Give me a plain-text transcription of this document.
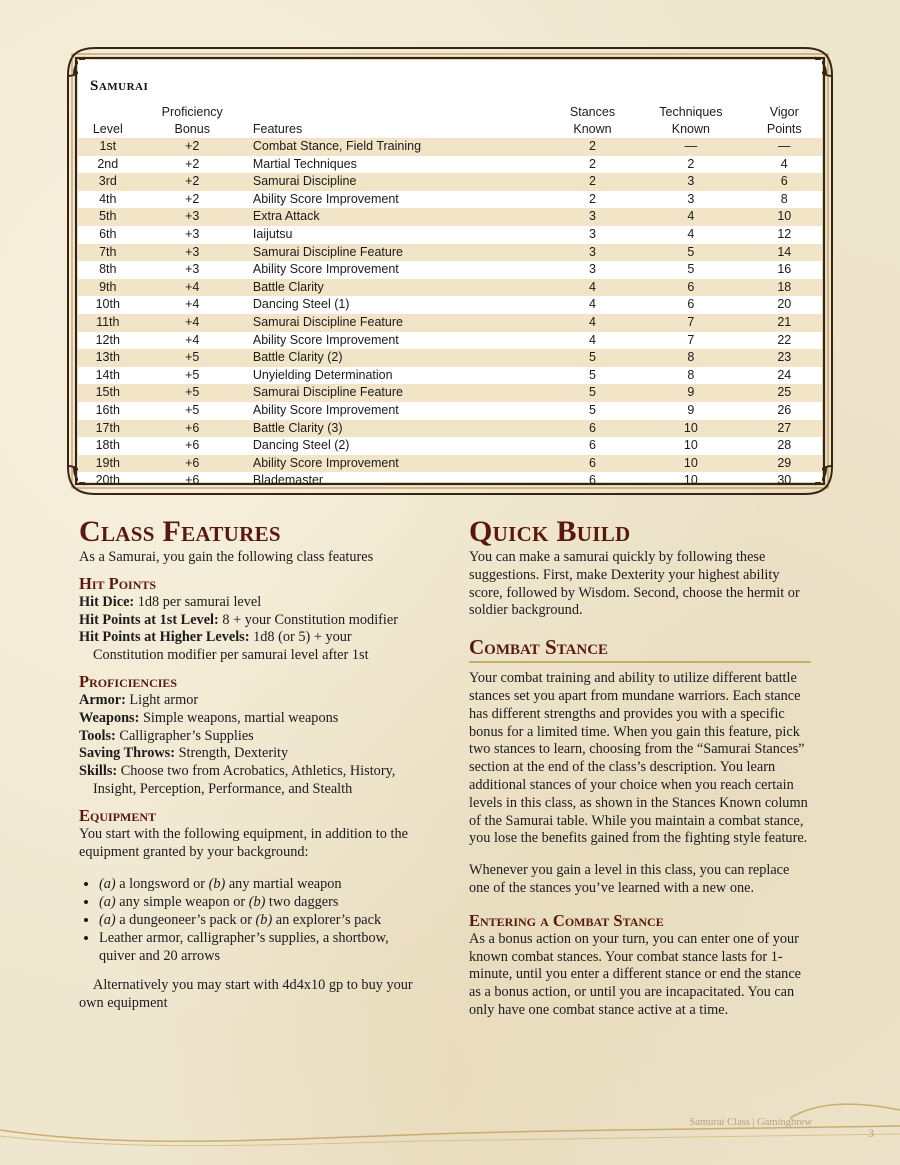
Samurai
	Proficiency		Stances	Techniques	Vigor
Level	Bonus	Features	Known	Known	Points
1st	+2	Combat Stance, Field Training	2	—	—
2nd	+2	Martial Techniques	2	2	4
3rd	+2	Samurai Discipline	2	3	6
4th	+2	Ability Score Improvement	2	3	8
5th	+3	Extra Attack	3	4	10
6th	+3	Iaijutsu	3	4	12
7th	+3	Samurai Discipline Feature	3	5	14
8th	+3	Ability Score Improvement	3	5	16
9th	+4	Battle Clarity	4	6	18
10th	+4	Dancing Steel (1)	4	6	20
11th	+4	Samurai Discipline Feature	4	7	21
12th	+4	Ability Score Improvement	4	7	22
13th	+5	Battle Clarity (2)	5	8	23
14th	+5	Unyielding Determination	5	8	24
15th	+5	Samurai Discipline Feature	5	9	25
16th	+5	Ability Score Improvement	5	9	26
17th	+6	Battle Clarity (3)	6	10	27
18th	+6	Dancing Steel (2)	6	10	28
19th	+6	Ability Score Improvement	6	10	29
20th	+6	Blademaster	6	10	30
Class Features

As a Samurai, you gain the following class features

Hit Points

Hit Dice: 1d8 per samurai level

Hit Points at 1st Level: 8 + your Constitution modifier

Hit Points at Higher Levels: 1d8 (or 5) + your Constitution modifier per samurai level after 1st

Proficiencies

Armor: Light armor

Weapons: Simple weapons, martial weapons

Tools: Calligrapher’s Supplies

Saving Throws: Strength, Dexterity

Skills: Choose two from Acrobatics, Athletics, History, Insight, Perception, Performance, and Stealth

Equipment

You start with the following equipment, in addition to the equipment granted by your background:

• (a) a longsword or (b) any martial weapon
• (a) any simple weapon or (b) two daggers
• (a) a dungeoneer’s pack or (b) an explorer’s pack
• Leather armor, calligrapher’s supplies, a shortbow, quiver and 20 arrows

Alternatively you may start with 4d4x10 gp to buy your own equipment

Quick Build

You can make a samurai quickly by following these suggestions. First, make Dexterity your highest ability score, followed by Wisdom. Second, choose the hermit or soldier background.

Combat Stance

Your combat training and ability to utilize different battle stances set you apart from mundane warriors. Each stance has different strengths and provides you with a specific bonus for a limited time. When you gain this feature, pick two stances to learn, choosing from the “Samurai Stances” section at the end of the class’s description. You learn additional stances of your choice when you reach certain levels in this class, as shown in the Stances Known column of the Samurai table. While you maintain a combat stance, you lose the benefits gained from the fighting style feature.

Whenever you gain a level in this class, you can replace one of the stances you’ve learned with a new one.

Entering a Combat Stance

As a bonus action on your turn, you can enter one of your known combat stances. Your combat stance lasts for 1-minute, until you enter a different stance or end the stance as a bonus action, or until you are incapacitated. You can only have one combat stance active at a time.

Samurai Class | Gamingbrew
3
